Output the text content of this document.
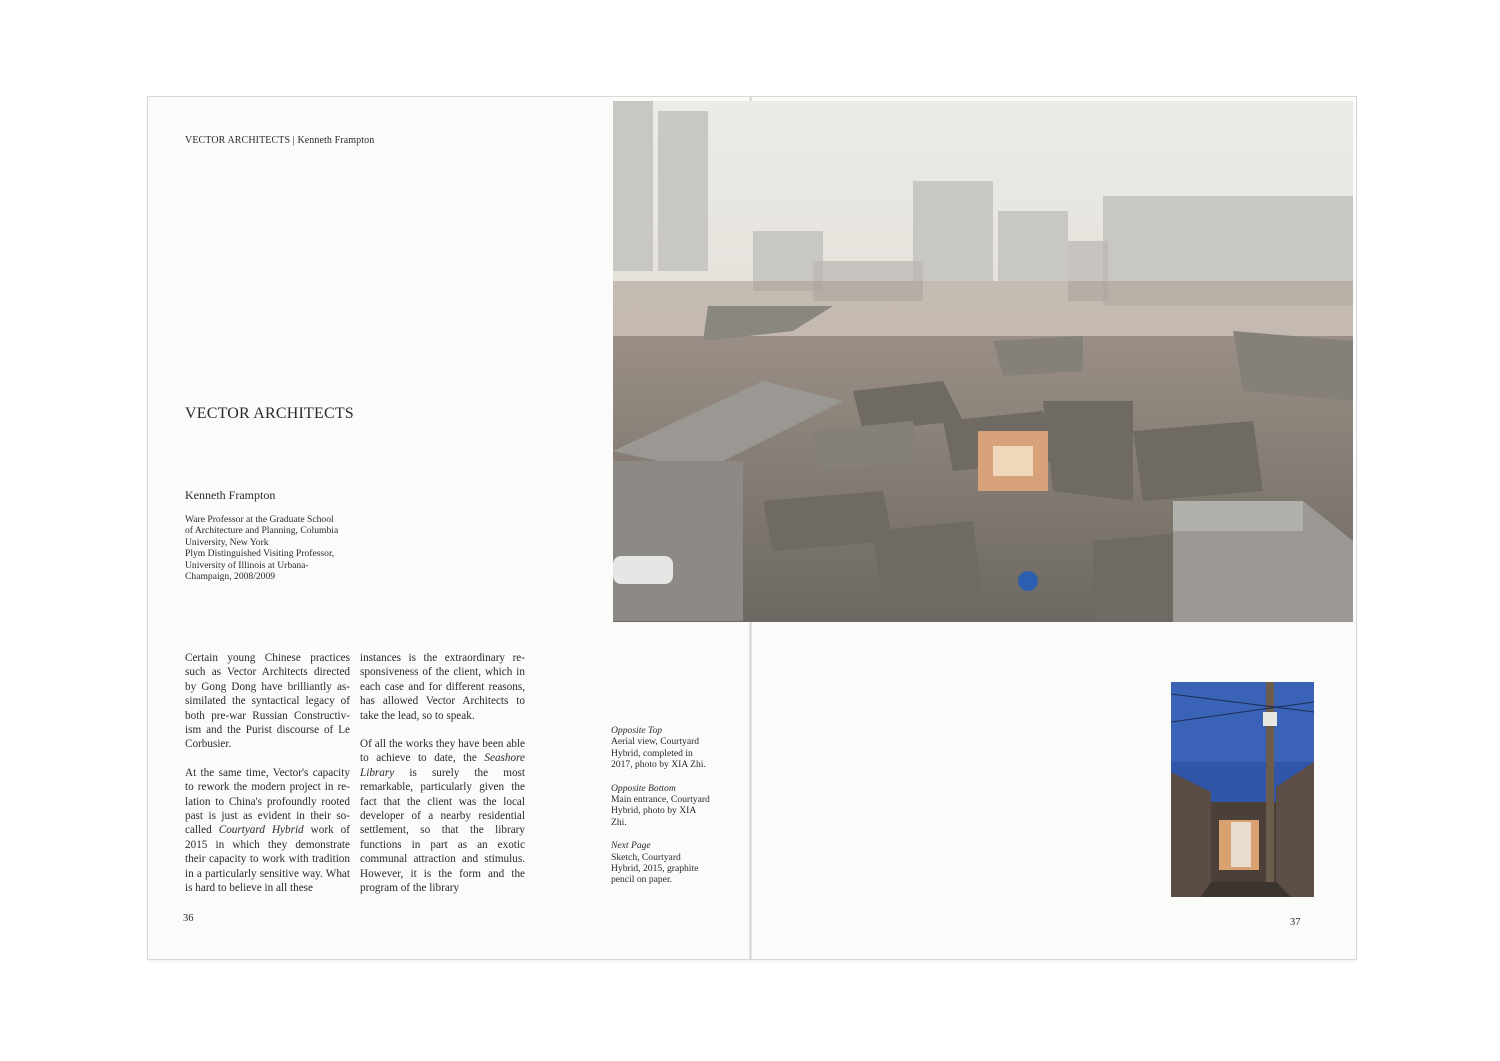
VECTOR ARCHITECTS | Kenneth Frampton
VECTOR ARCHITECTS
Kenneth Frampton
Ware Professor at the Graduate School
of Architecture and Planning, Columbia
University, New York
Plym Distinguished Visiting Professor,
University of Illinois at Urbana-
Champaign, 2008/2009

Certain young Chinese practices such as Vector Architects directed by Gong Dong have brilliantly assimilated the syntactical legacy of both pre-war Russian Constructivism and the Purist discourse of Le Corbusier.

At the same time, Vector's capacity to rework the modern project in relation to China's profoundly rooted past is just as evident in their so-called Courtyard Hybrid work of 2015 in which they demonstrate their capacity to work with tradition in a particularly sensitive way. What is hard to believe in all these

instances is the extraordinary responsiveness of the client, which in each case and for different reasons, has allowed Vector Architects to take the lead, so to speak.

Of all the works they have been able to achieve to date, the Seashore Library is surely the most remarkable, particularly given the fact that the client was the local developer of a nearby residential settlement, so that the library functions in part as an exotic communal attraction and stimulus. However, it is the form and the program of the library

36
Opposite Top
Aerial view, Courtyard Hybrid, completed in 2017, photo by XIA Zhi.
Opposite Bottom
Main entrance, Courtyard Hybrid, photo by XIA Zhi.
Next Page
Sketch, Courtyard Hybrid, 2015, graphite pencil on paper.
37
